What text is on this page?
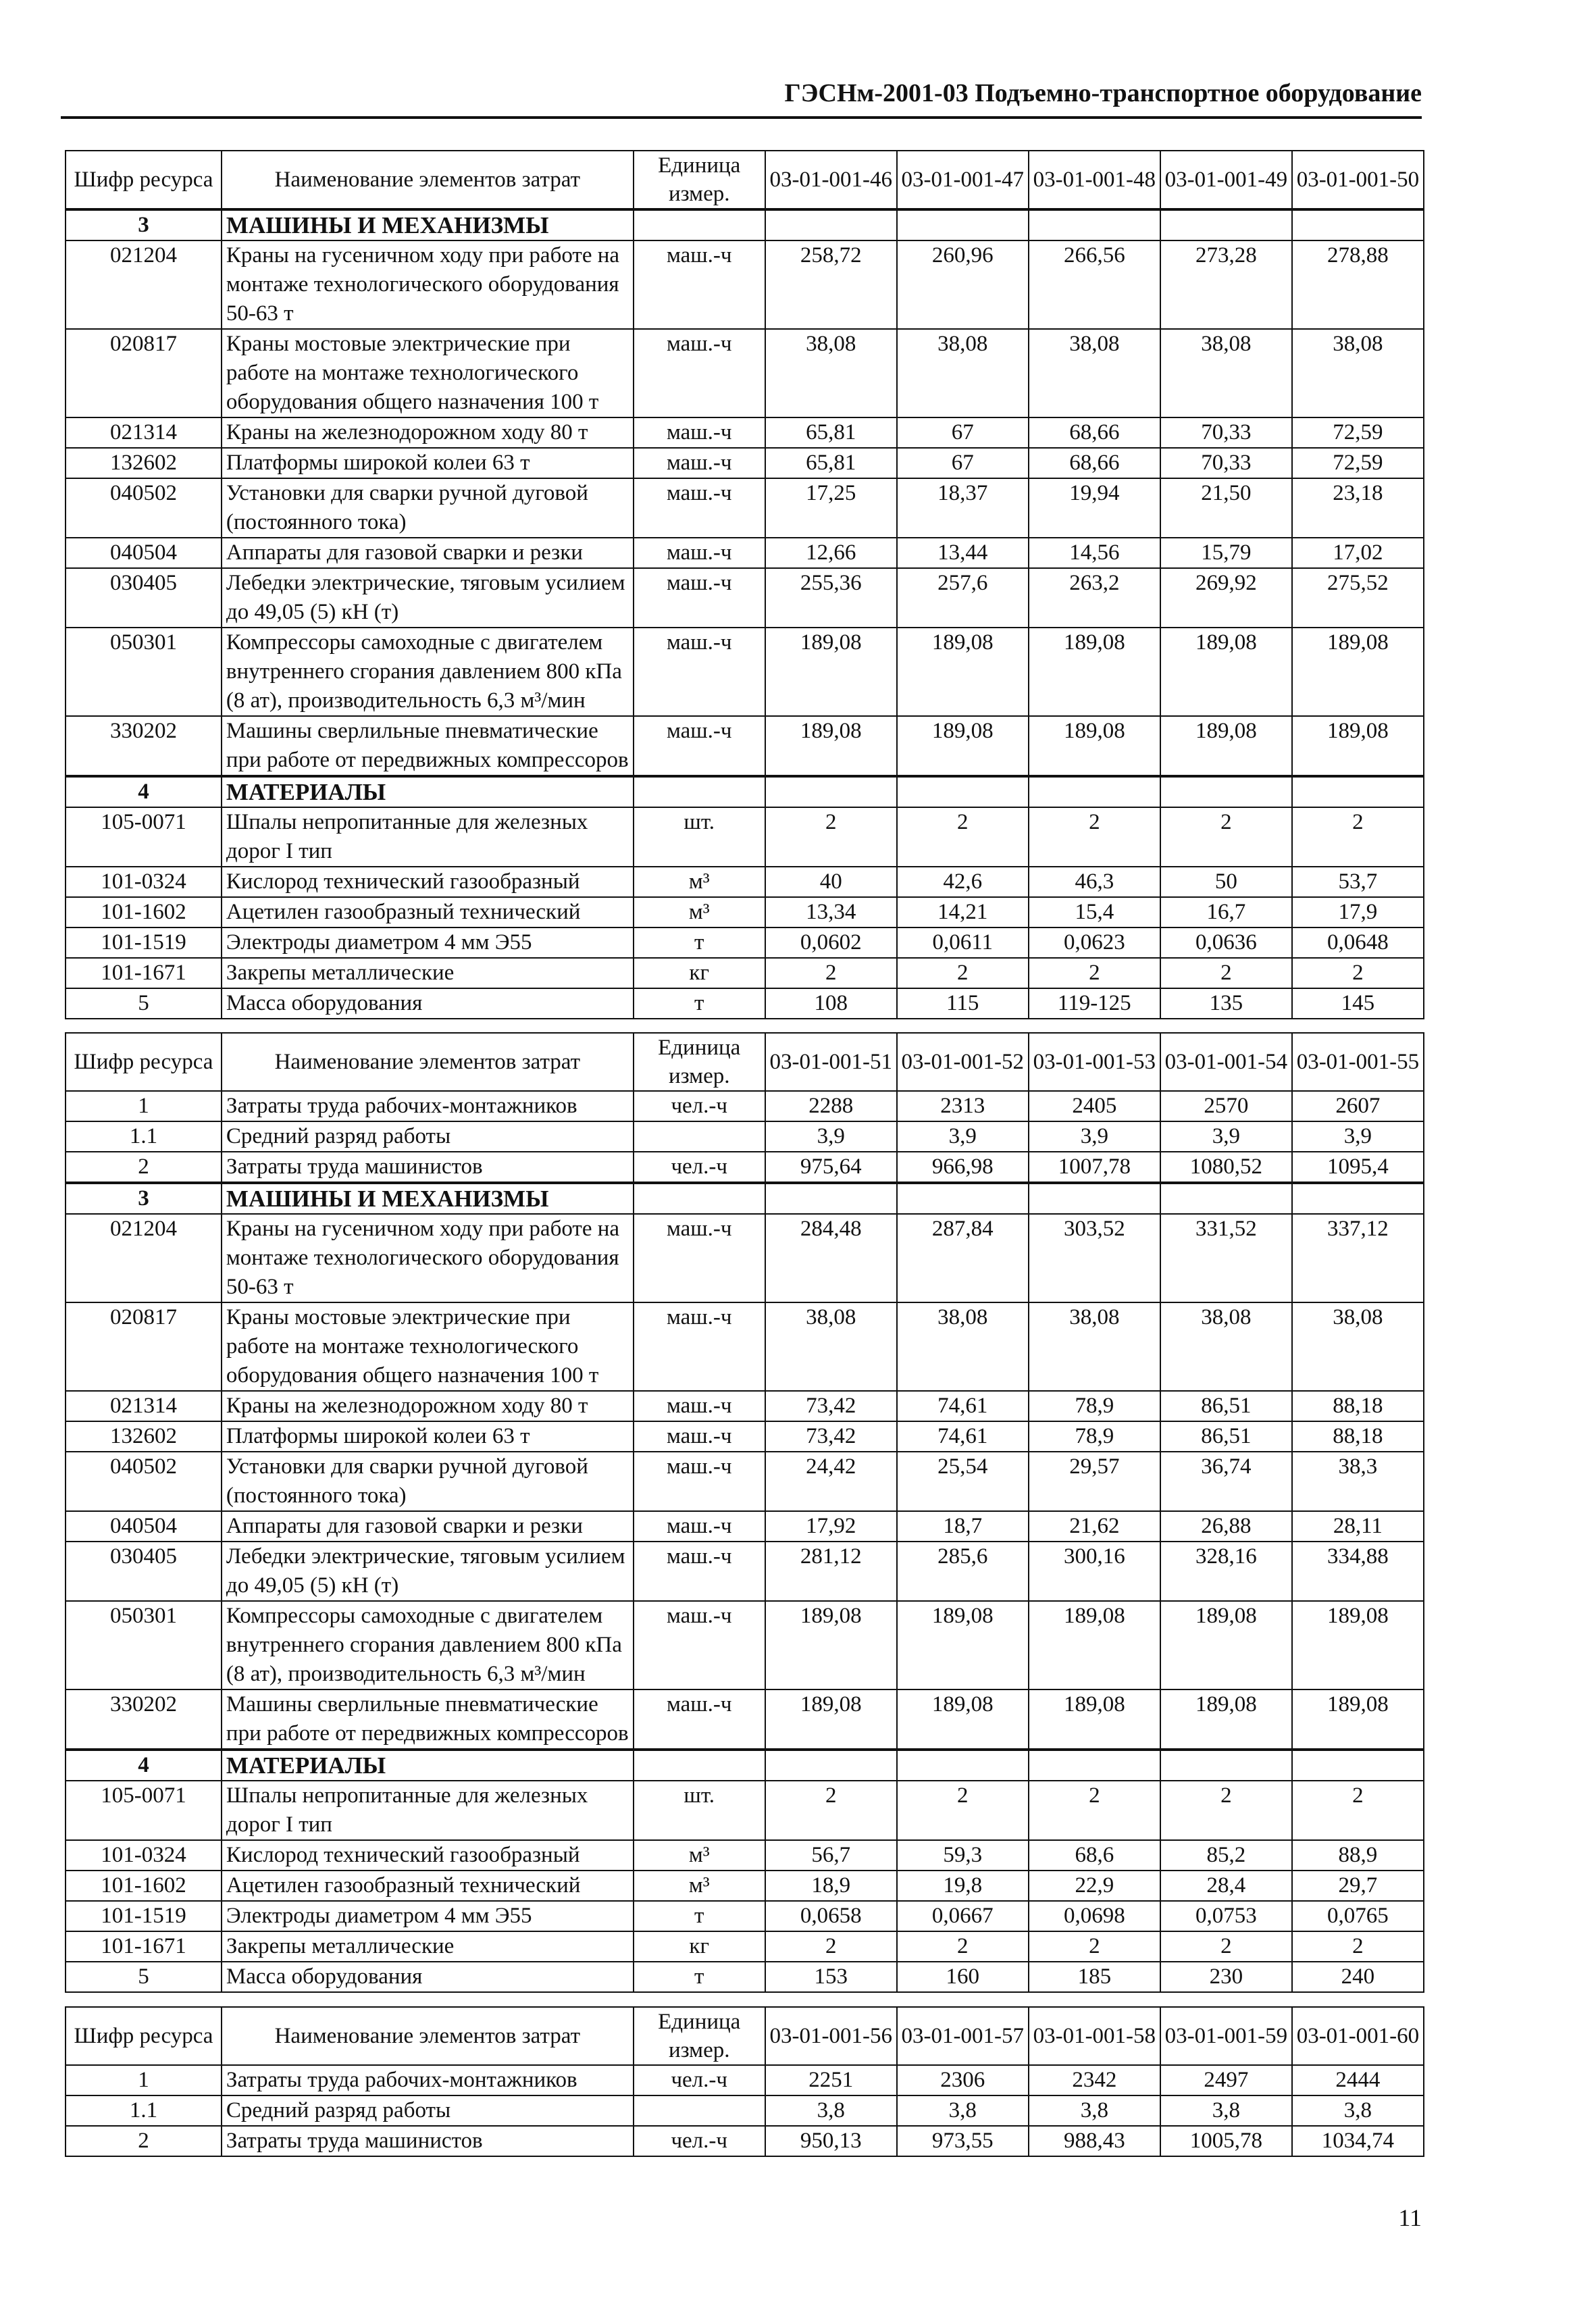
ГЭСНм-2001-03 Подъемно-транспортное оборудование
Шифр ресурса	Наименование элементов затрат	Единица измер.	03-01-001-46	03-01-001-47	03-01-001-48	03-01-001-49	03-01-001-50
3	МАШИНЫ И МЕХАНИЗМЫ						
021204	Краны на гусеничном ходу при работе на монтаже технологического оборудования 50-63 т	маш.-ч	258,72	260,96	266,56	273,28	278,88
020817	Краны мостовые электрические при работе на монтаже технологического оборудования общего назначения 100 т	маш.-ч	38,08	38,08	38,08	38,08	38,08
021314	Краны на железнодорожном ходу 80 т	маш.-ч	65,81	67	68,66	70,33	72,59
132602	Платформы широкой колеи 63 т	маш.-ч	65,81	67	68,66	70,33	72,59
040502	Установки для сварки ручной дуговой (постоянного тока)	маш.-ч	17,25	18,37	19,94	21,50	23,18
040504	Аппараты для газовой сварки и резки	маш.-ч	12,66	13,44	14,56	15,79	17,02
030405	Лебедки электрические, тяговым усилием до 49,05 (5) кН (т)	маш.-ч	255,36	257,6	263,2	269,92	275,52
050301	Компрессоры самоходные с двигателем внутреннего сгорания давлением 800 кПа (8 ат), производительность 6,3 м³/мин	маш.-ч	189,08	189,08	189,08	189,08	189,08
330202	Машины сверлильные пневматические при работе от передвижных компрессоров	маш.-ч	189,08	189,08	189,08	189,08	189,08
4	МАТЕРИАЛЫ						
105-0071	Шпалы непропитанные для железных дорог I тип	шт.	2	2	2	2	2
101-0324	Кислород технический газообразный	м³	40	42,6	46,3	50	53,7
101-1602	Ацетилен газообразный технический	м³	13,34	14,21	15,4	16,7	17,9
101-1519	Электроды диаметром 4 мм Э55	т	0,0602	0,0611	0,0623	0,0636	0,0648
101-1671	Закрепы металлические	кг	2	2	2	2	2
5	Масса оборудования	т	108	115	119-125	135	145
Шифр ресурса	Наименование элементов затрат	Единица измер.	03-01-001-51	03-01-001-52	03-01-001-53	03-01-001-54	03-01-001-55
1	Затраты труда рабочих-монтажников	чел.-ч	2288	2313	2405	2570	2607
1.1	Средний разряд работы		3,9	3,9	3,9	3,9	3,9
2	Затраты труда машинистов	чел.-ч	975,64	966,98	1007,78	1080,52	1095,4
3	МАШИНЫ И МЕХАНИЗМЫ						
021204	Краны на гусеничном ходу при работе на монтаже технологического оборудования 50-63 т	маш.-ч	284,48	287,84	303,52	331,52	337,12
020817	Краны мостовые электрические при работе на монтаже технологического оборудования общего назначения 100 т	маш.-ч	38,08	38,08	38,08	38,08	38,08
021314	Краны на железнодорожном ходу 80 т	маш.-ч	73,42	74,61	78,9	86,51	88,18
132602	Платформы широкой колеи 63 т	маш.-ч	73,42	74,61	78,9	86,51	88,18
040502	Установки для сварки ручной дуговой (постоянного тока)	маш.-ч	24,42	25,54	29,57	36,74	38,3
040504	Аппараты для газовой сварки и резки	маш.-ч	17,92	18,7	21,62	26,88	28,11
030405	Лебедки электрические, тяговым усилием до 49,05 (5) кН (т)	маш.-ч	281,12	285,6	300,16	328,16	334,88
050301	Компрессоры самоходные с двигателем внутреннего сгорания давлением 800 кПа (8 ат), производительность 6,3 м³/мин	маш.-ч	189,08	189,08	189,08	189,08	189,08
330202	Машины сверлильные пневматические при работе от передвижных компрессоров	маш.-ч	189,08	189,08	189,08	189,08	189,08
4	МАТЕРИАЛЫ						
105-0071	Шпалы непропитанные для железных дорог I тип	шт.	2	2	2	2	2
101-0324	Кислород технический газообразный	м³	56,7	59,3	68,6	85,2	88,9
101-1602	Ацетилен газообразный технический	м³	18,9	19,8	22,9	28,4	29,7
101-1519	Электроды диаметром 4 мм Э55	т	0,0658	0,0667	0,0698	0,0753	0,0765
101-1671	Закрепы металлические	кг	2	2	2	2	2
5	Масса оборудования	т	153	160	185	230	240
Шифр ресурса	Наименование элементов затрат	Единица измер.	03-01-001-56	03-01-001-57	03-01-001-58	03-01-001-59	03-01-001-60
1	Затраты труда рабочих-монтажников	чел.-ч	2251	2306	2342	2497	2444
1.1	Средний разряд работы		3,8	3,8	3,8	3,8	3,8
2	Затраты труда машинистов	чел.-ч	950,13	973,55	988,43	1005,78	1034,74
11
